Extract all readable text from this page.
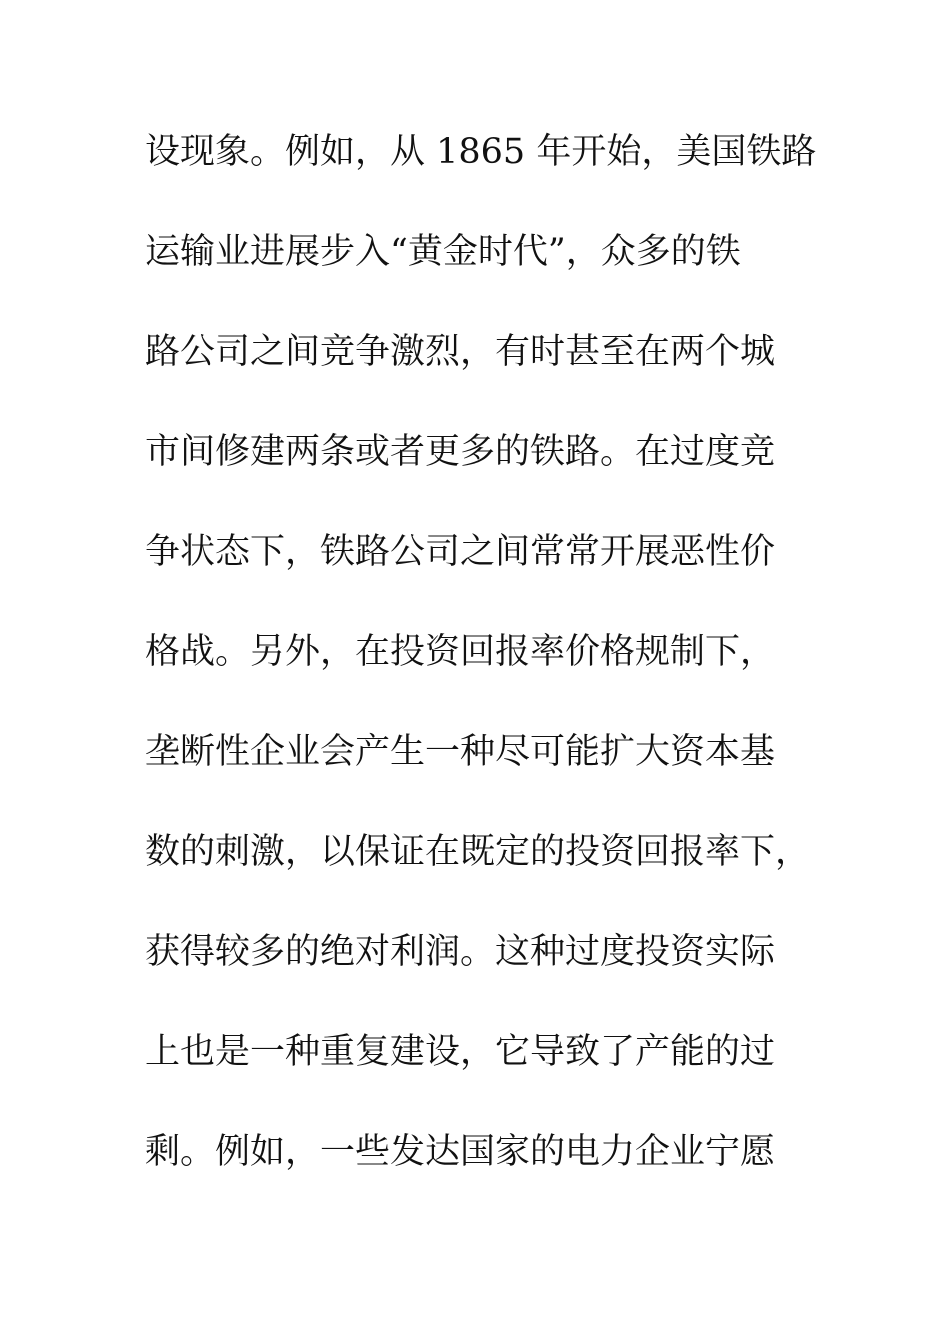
设现象。例如，从 1865 年开始，美国铁路
运输业进展步入“黄金时代”，众多的铁
路公司之间竞争激烈，有时甚至在两个城
市间修建两条或者更多的铁路。在过度竞
争状态下，铁路公司之间常常开展恶性价
格战。另外，在投资回报率价格规制下，
垄断性企业会产生一种尽可能扩大资本基
数的刺激，以保证在既定的投资回报率下，
获得较多的绝对利润。这种过度投资实际
上也是一种重复建设，它导致了产能的过
剩。例如，一些发达国家的电力企业宁愿
